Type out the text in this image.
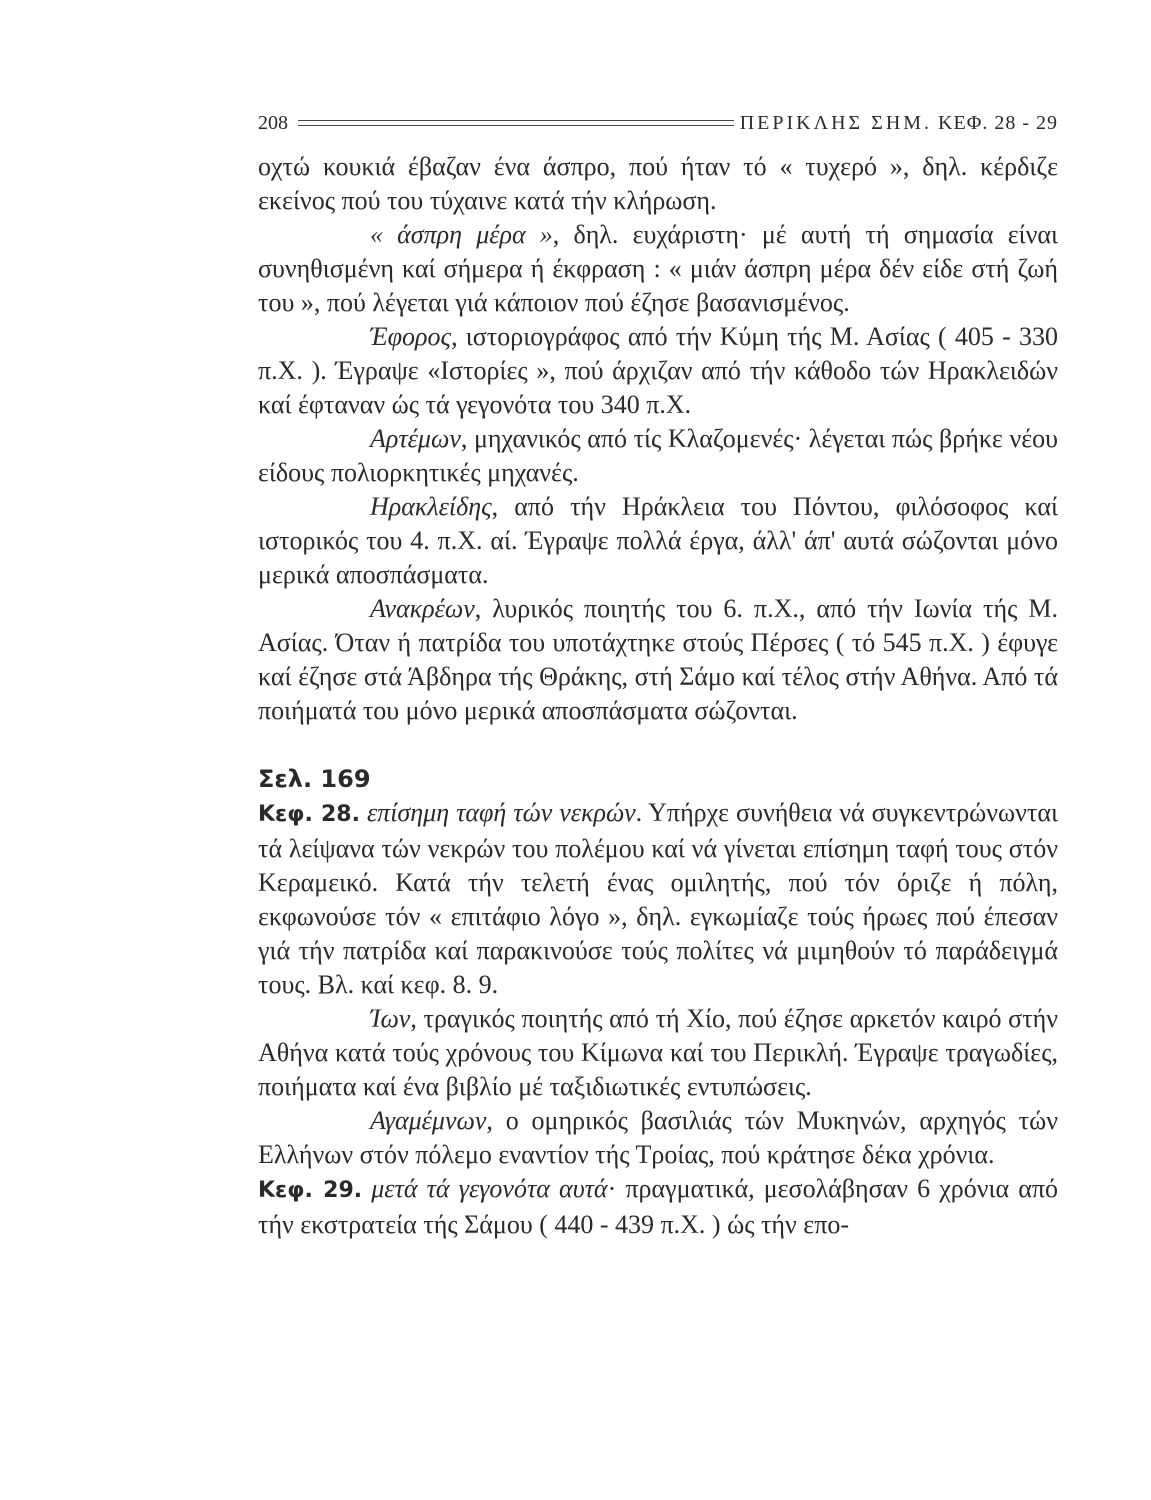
208	ΠΕΡΙΚΛΗΣ ΣΗΜ. ΚΕΦ. 28 - 29

οχτώ κουκιά έβαζαν ένα άσπρο, πού ήταν τό « τυχερό », δηλ. κέρδιζε εκείνος πού του τύχαινε κατά τήν κλήρωση.

« άσπρη μέρα », δηλ. ευχάριστη· μέ αυτή τή σημασία είναι συνηθισμένη καί σήμερα ή έκφραση : « μιάν άσπρη μέρα δέν είδε στή ζωή του », πού λέγεται γιά κάποιον πού έζησε βασανισμένος.

Έφορος, ιστοριογράφος από τήν Κύμη τής Μ. Ασίας ( 405 - 330 π.Χ. ). Έγραψε «Ιστορίες », πού άρχιζαν από τήν κάθοδο τών Ηρακλειδών καί έφταναν ώς τά γεγονότα του 340 π.Χ.

Αρτέμων, μηχανικός από τίς Κλαζομενές· λέγεται πώς βρήκε νέου είδους πολιορκητικές μηχανές.

Ηρακλείδης, από τήν Ηράκλεια του Πόντου, φιλόσοφος καί ιστορικός του 4. π.Χ. αί. Έγραψε πολλά έργα, άλλ' άπ' αυτά σώζονται μόνο μερικά αποσπάσματα.

Ανακρέων, λυρικός ποιητής του 6. π.Χ., από τήν Ιωνία τής Μ. Ασίας. Όταν ή πατρίδα του υποτάχτηκε στούς Πέρσες ( τό 545 π.Χ. ) έφυγε καί έζησε στά Άβδηρα τής Θράκης, στή Σάμο καί τέλος στήν Αθήνα. Από τά ποιήματά του μόνο μερικά αποσπάσματα σώζονται.

Σελ. 169

Κεφ. 28. επίσημη ταφή τών νεκρών. Υπήρχε συνήθεια νά συγκεντρώνωνται τά λείψανα τών νεκρών του πολέμου καί νά γίνεται επίσημη ταφή τους στόν Κεραμεικό. Κατά τήν τελετή ένας ομιλητής, πού τόν όριζε ή πόλη, εκφωνούσε τόν « επιτάφιο λόγο », δηλ. εγκωμίαζε τούς ήρωες πού έπεσαν γιά τήν πατρίδα καί παρακινούσε τούς πολίτες νά μιμηθούν τό παράδειγμά τους. Βλ. καί κεφ. 8. 9.

Ίων, τραγικός ποιητής από τή Χίο, πού έζησε αρκετόν καιρό στήν Αθήνα κατά τούς χρόνους του Κίμωνα καί του Περικλή. Έγραψε τραγωδίες, ποιήματα καί ένα βιβλίο μέ ταξιδιωτικές εντυπώσεις.

Αγαμέμνων, ο ομηρικός βασιλιάς τών Μυκηνών, αρχηγός τών Ελλήνων στόν πόλεμο εναντίον τής Τροίας, πού κράτησε δέκα χρόνια.

Κεφ. 29. μετά τά γεγονότα αυτά· πραγματικά, μεσολάβησαν 6 χρόνια από τήν εκστρατεία τής Σάμου ( 440 - 439 π.Χ. ) ώς τήν επο-
